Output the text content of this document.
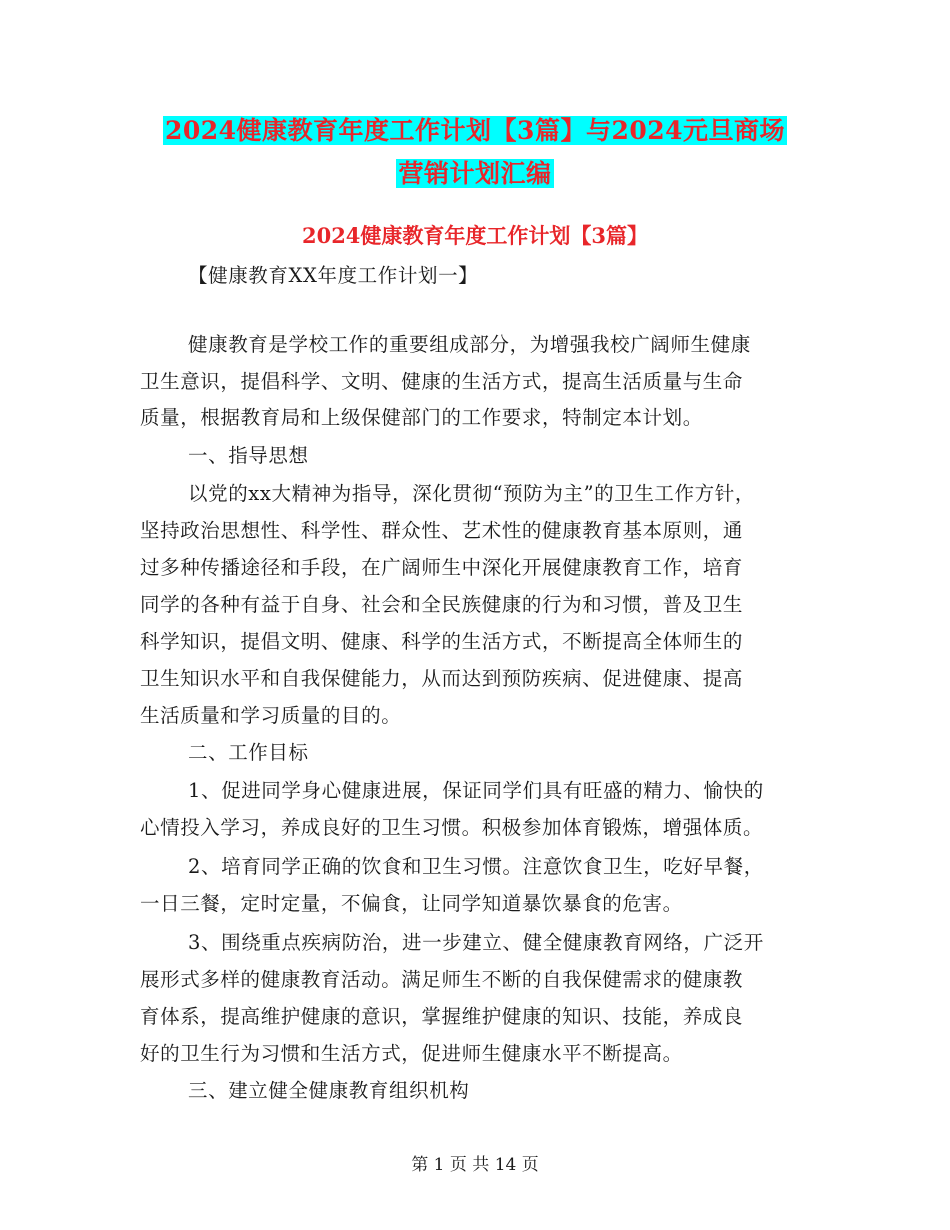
2024健康教育年度工作计划【3篇】与2024元旦商场
营销计划汇编
2024健康教育年度工作计划【3篇】

【健康教育XX年度工作计划一】

健康教育是学校工作的重要组成部分，为增强我校广阔师生健康

卫生意识，提倡科学、文明、健康的生活方式，提高生活质量与生命

质量，根据教育局和上级保健部门的工作要求，特制定本计划。

一、指导思想

以党的xx大精神为指导，深化贯彻“预防为主”的卫生工作方针，

坚持政治思想性、科学性、群众性、艺术性的健康教育基本原则，通

过多种传播途径和手段，在广阔师生中深化开展健康教育工作，培育

同学的各种有益于自身、社会和全民族健康的行为和习惯，普及卫生

科学知识，提倡文明、健康、科学的生活方式，不断提高全体师生的

卫生知识水平和自我保健能力，从而达到预防疾病、促进健康、提高

生活质量和学习质量的目的。

二、工作目标

1、促进同学身心健康进展，保证同学们具有旺盛的精力、愉快的

心情投入学习，养成良好的卫生习惯。积极参加体育锻炼，增强体质。

2、培育同学正确的饮食和卫生习惯。注意饮食卫生，吃好早餐，

一日三餐，定时定量，不偏食，让同学知道暴饮暴食的危害。

3、围绕重点疾病防治，进一步建立、健全健康教育网络，广泛开

展形式多样的健康教育活动。满足师生不断的自我保健需求的健康教

育体系，提高维护健康的意识，掌握维护健康的知识、技能，养成良

好的卫生行为习惯和生活方式，促进师生健康水平不断提高。

三、建立健全健康教育组织机构

第 1 页 共 14 页
